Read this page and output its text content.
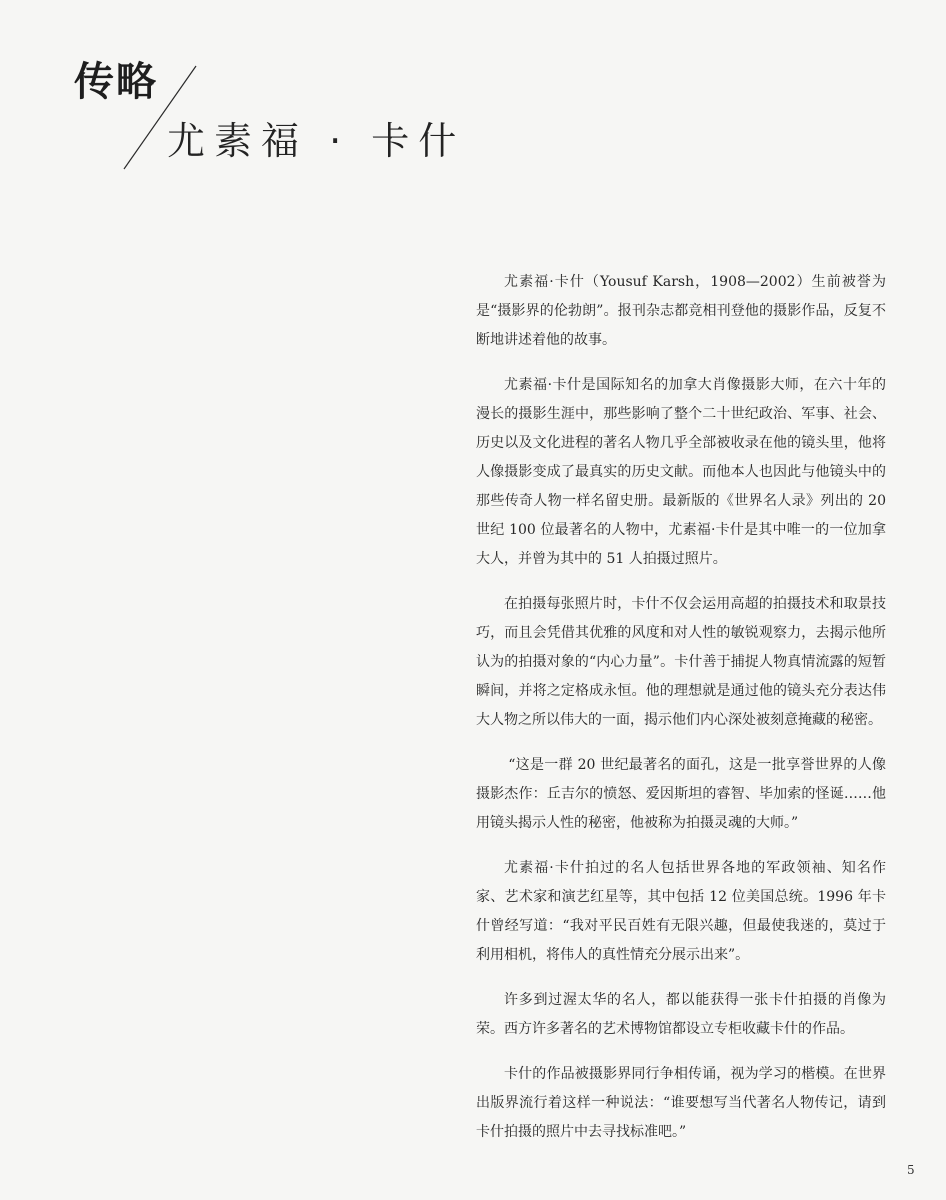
传略
尤素福 · 卡什

尤素福·卡什（Yousuf Karsh，1908—2002）生前被誉为是“摄影界的伦勃朗”。报刊杂志都竞相刊登他的摄影作品，反复不断地讲述着他的故事。

尤素福·卡什是国际知名的加拿大肖像摄影大师，在六十年的漫长的摄影生涯中，那些影响了整个二十世纪政治、军事、社会、历史以及文化进程的著名人物几乎全部被收录在他的镜头里，他将人像摄影变成了最真实的历史文献。而他本人也因此与他镜头中的那些传奇人物一样名留史册。最新版的《世界名人录》列出的 20 世纪 100 位最著名的人物中，尤素福·卡什是其中唯一的一位加拿大人，并曾为其中的 51 人拍摄过照片。

在拍摄每张照片时，卡什不仅会运用高超的拍摄技术和取景技巧，而且会凭借其优雅的风度和对人性的敏锐观察力，去揭示他所认为的拍摄对象的“内心力量”。卡什善于捕捉人物真情流露的短暂瞬间，并将之定格成永恒。他的理想就是通过他的镜头充分表达伟大人物之所以伟大的一面，揭示他们内心深处被刻意掩藏的秘密。

“这是一群 20 世纪最著名的面孔，这是一批享誉世界的人像摄影杰作：丘吉尔的愤怒、爱因斯坦的睿智、毕加索的怪诞……他用镜头揭示人性的秘密，他被称为拍摄灵魂的大师。”

尤素福·卡什拍过的名人包括世界各地的军政领袖、知名作家、艺术家和演艺红星等，其中包括 12 位美国总统。1996 年卡什曾经写道：“我对平民百姓有无限兴趣，但最使我迷的，莫过于利用相机，将伟人的真性情充分展示出来”。

许多到过渥太华的名人，都以能获得一张卡什拍摄的肖像为荣。西方许多著名的艺术博物馆都设立专柜收藏卡什的作品。

卡什的作品被摄影界同行争相传诵，视为学习的楷模。在世界出版界流行着这样一种说法：“谁要想写当代著名人物传记，请到卡什拍摄的照片中去寻找标准吧。”

5
